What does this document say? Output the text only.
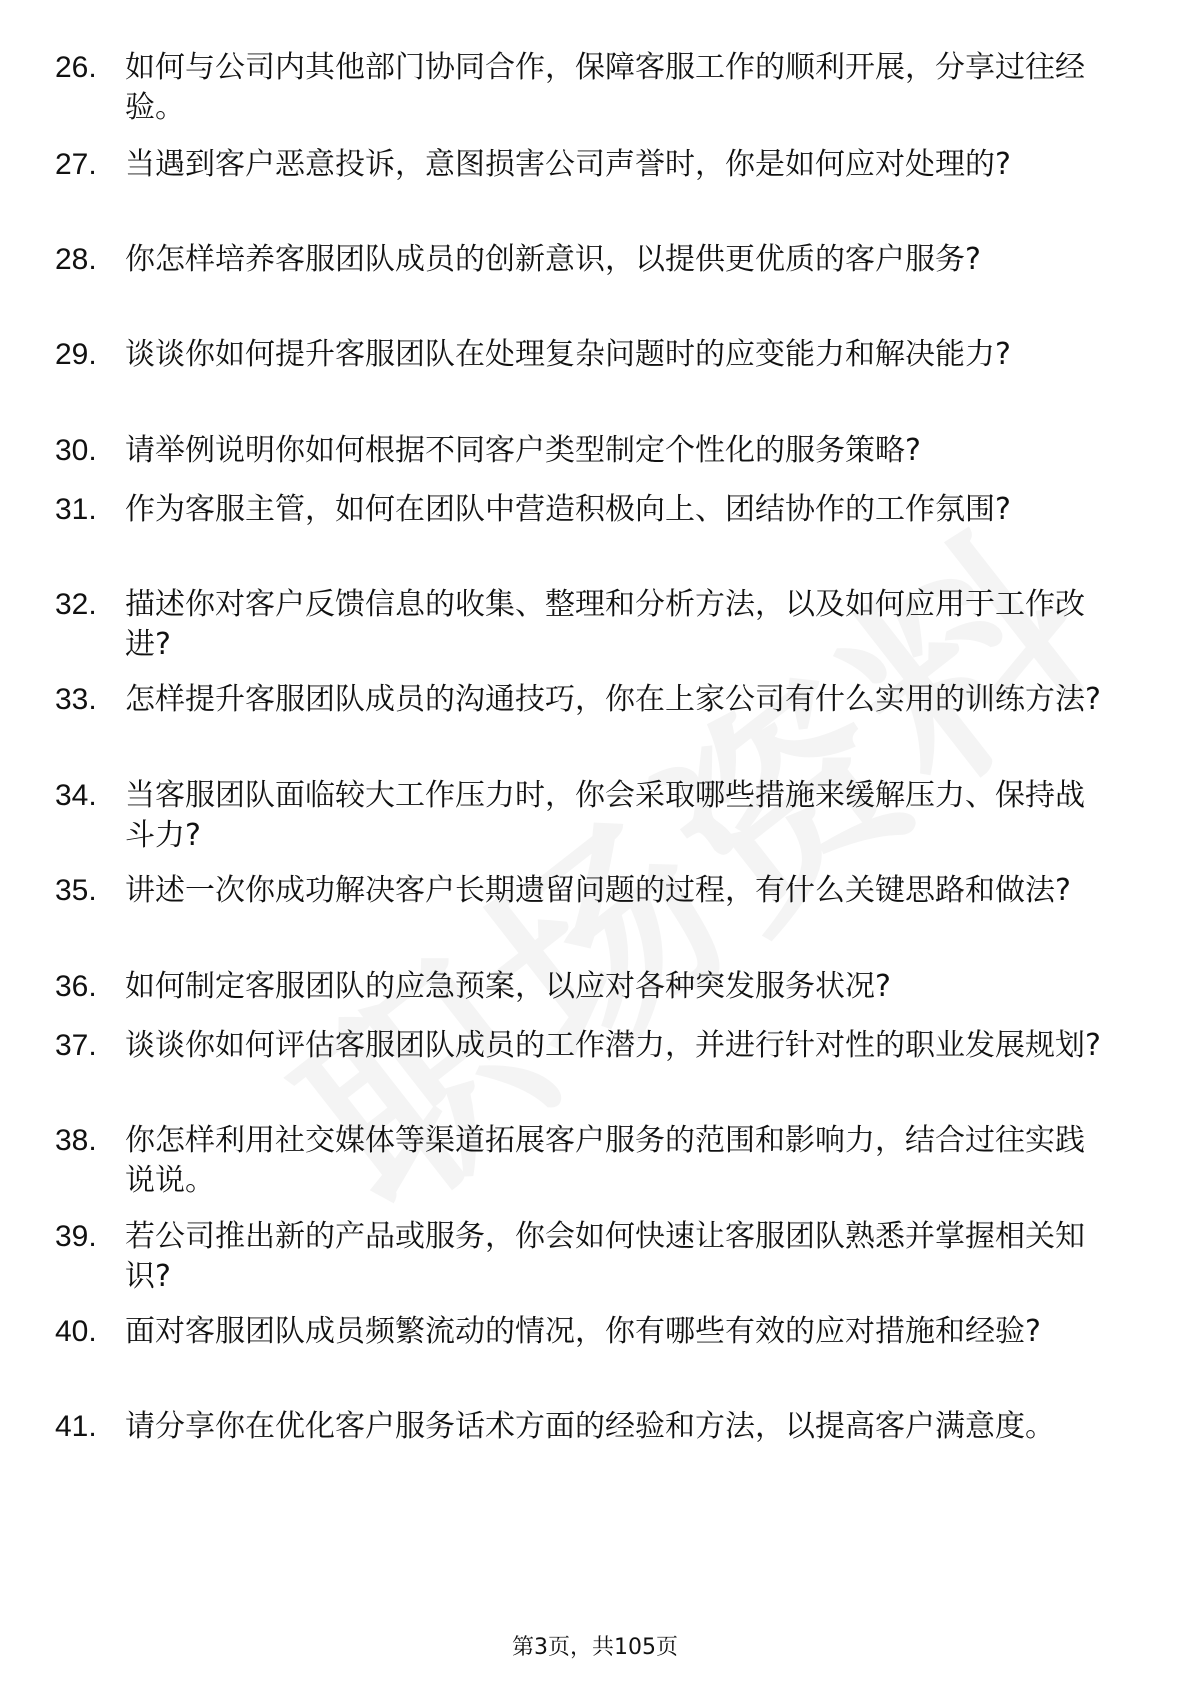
26. 如何与公司内其他部门协同合作，保障客服工作的顺利开展，分享过往经验。
27. 当遇到客户恶意投诉，意图损害公司声誉时，你是如何应对处理的?
28. 你怎样培养客服团队成员的创新意识，以提供更优质的客户服务?
29. 谈谈你如何提升客服团队在处理复杂问题时的应变能力和解决能力?
30. 请举例说明你如何根据不同客户类型制定个性化的服务策略?
31. 作为客服主管，如何在团队中营造积极向上、团结协作的工作氛围?
32. 描述你对客户反馈信息的收集、整理和分析方法，以及如何应用于工作改进?
33. 怎样提升客服团队成员的沟通技巧，你在上家公司有什么实用的训练方法?
34. 当客服团队面临较大工作压力时，你会采取哪些措施来缓解压力、保持战斗力?
35. 讲述一次你成功解决客户长期遗留问题的过程，有什么关键思路和做法?
36. 如何制定客服团队的应急预案，以应对各种突发服务状况?
37. 谈谈你如何评估客服团队成员的工作潜力，并进行针对性的职业发展规划?
38. 你怎样利用社交媒体等渠道拓展客户服务的范围和影响力，结合过往实践说说。
39. 若公司推出新的产品或服务，你会如何快速让客服团队熟悉并掌握相关知识?
40. 面对客服团队成员频繁流动的情况，你有哪些有效的应对措施和经验?
41. 请分享你在优化客户服务话术方面的经验和方法，以提高客户满意度。
第3页，共105页
